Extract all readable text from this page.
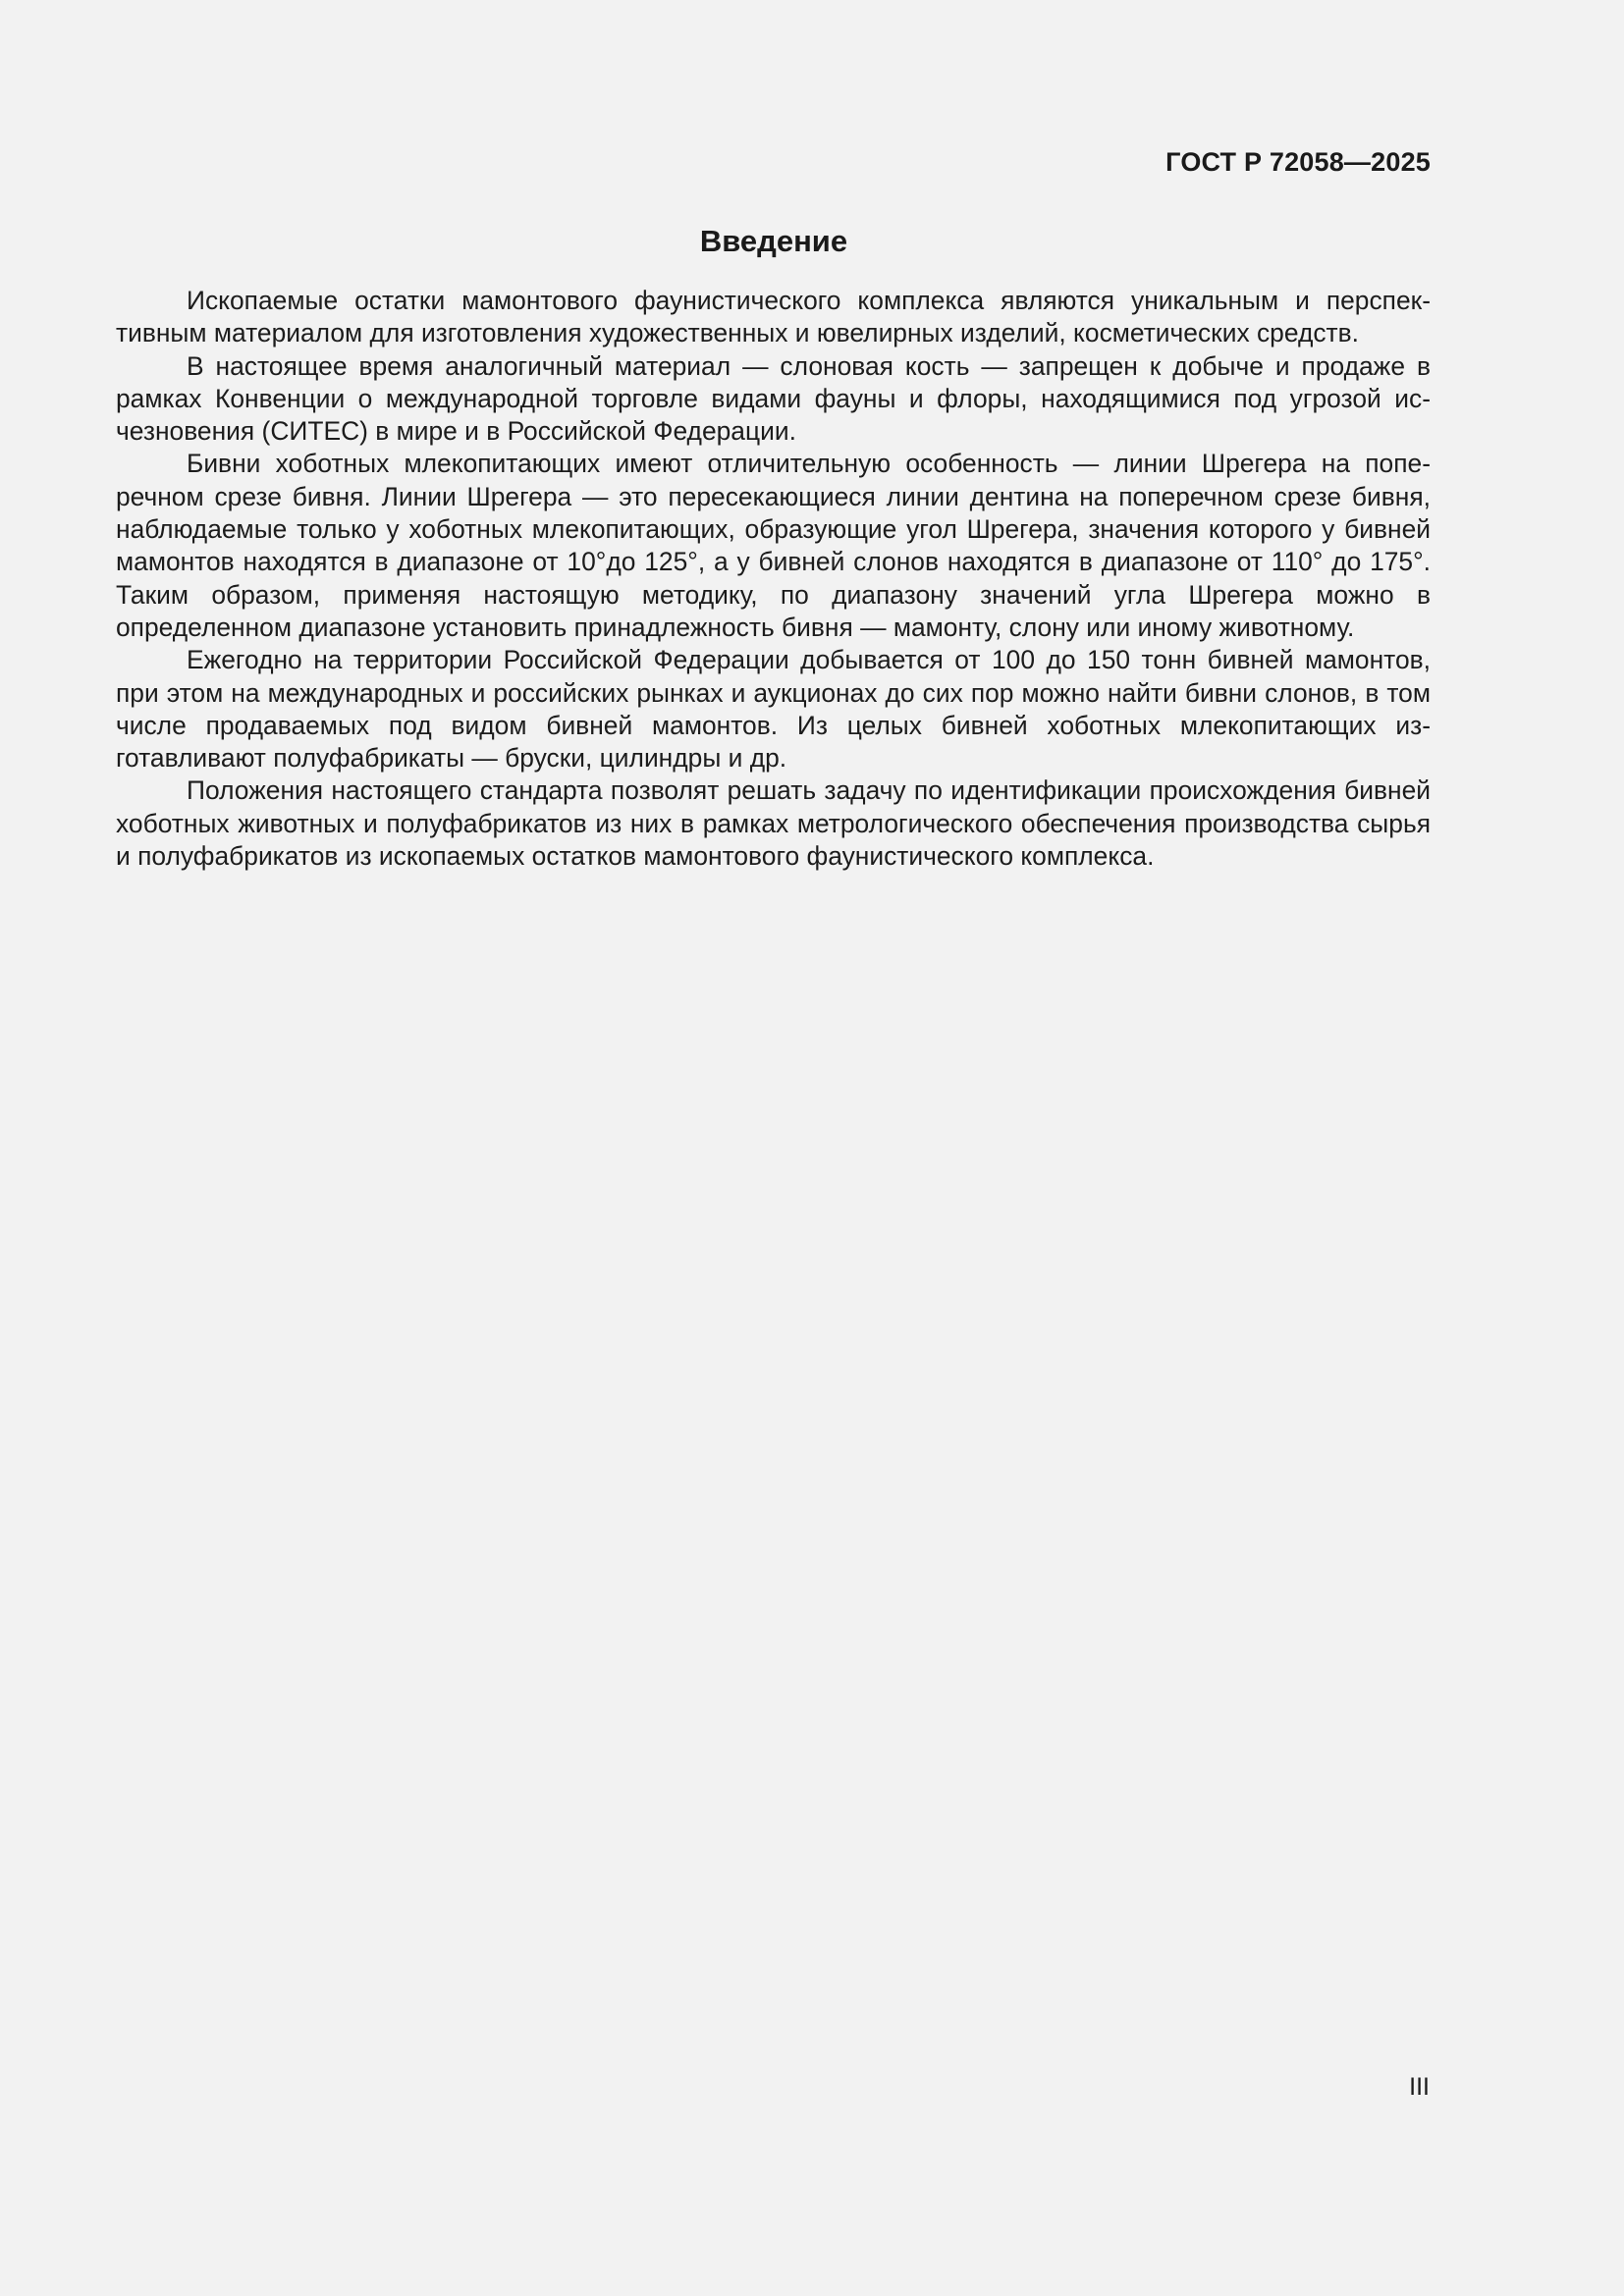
ГОСТ Р 72058—2025
Введение

Ископаемые остатки мамонтового фаунистического комплекса являются уникальным и перспективным материалом для изготовления художественных и ювелирных изделий, косметических средств.

В настоящее время аналогичный материал — слоновая кость — запрещен к добыче и продаже в рамках Конвенции о международной торговле видами фауны и флоры, находящимися под угрозой исчезновения (СИТЕС) в мире и в Российской Федерации.

Бивни хоботных млекопитающих имеют отличительную особенность — линии Шрегера на поперечном срезе бивня. Линии Шрегера — это пересекающиеся линии дентина на поперечном срезе бивня, наблюдаемые только у хоботных млекопитающих, образующие угол Шрегера, значения которого у бивней мамонтов находятся в диапазоне от 10°до 125°, а у бивней слонов находятся в диапазоне от 110° до 175°. Таким образом, применяя настоящую методику, по диапазону значений угла Шрегера можно в определенном диапазоне установить принадлежность бивня — мамонту, слону или иному животному.

Ежегодно на территории Российской Федерации добывается от 100 до 150 тонн бивней мамонтов, при этом на международных и российских рынках и аукционах до сих пор можно найти бивни слонов, в том числе продаваемых под видом бивней мамонтов. Из целых бивней хоботных млекопитающих изготавливают полуфабрикаты — бруски, цилиндры и др.

Положения настоящего стандарта позволят решать задачу по идентификации происхождения бивней хоботных животных и полуфабрикатов из них в рамках метрологического обеспечения производства сырья и полуфабрикатов из ископаемых остатков мамонтового фаунистического комплекса.

III
